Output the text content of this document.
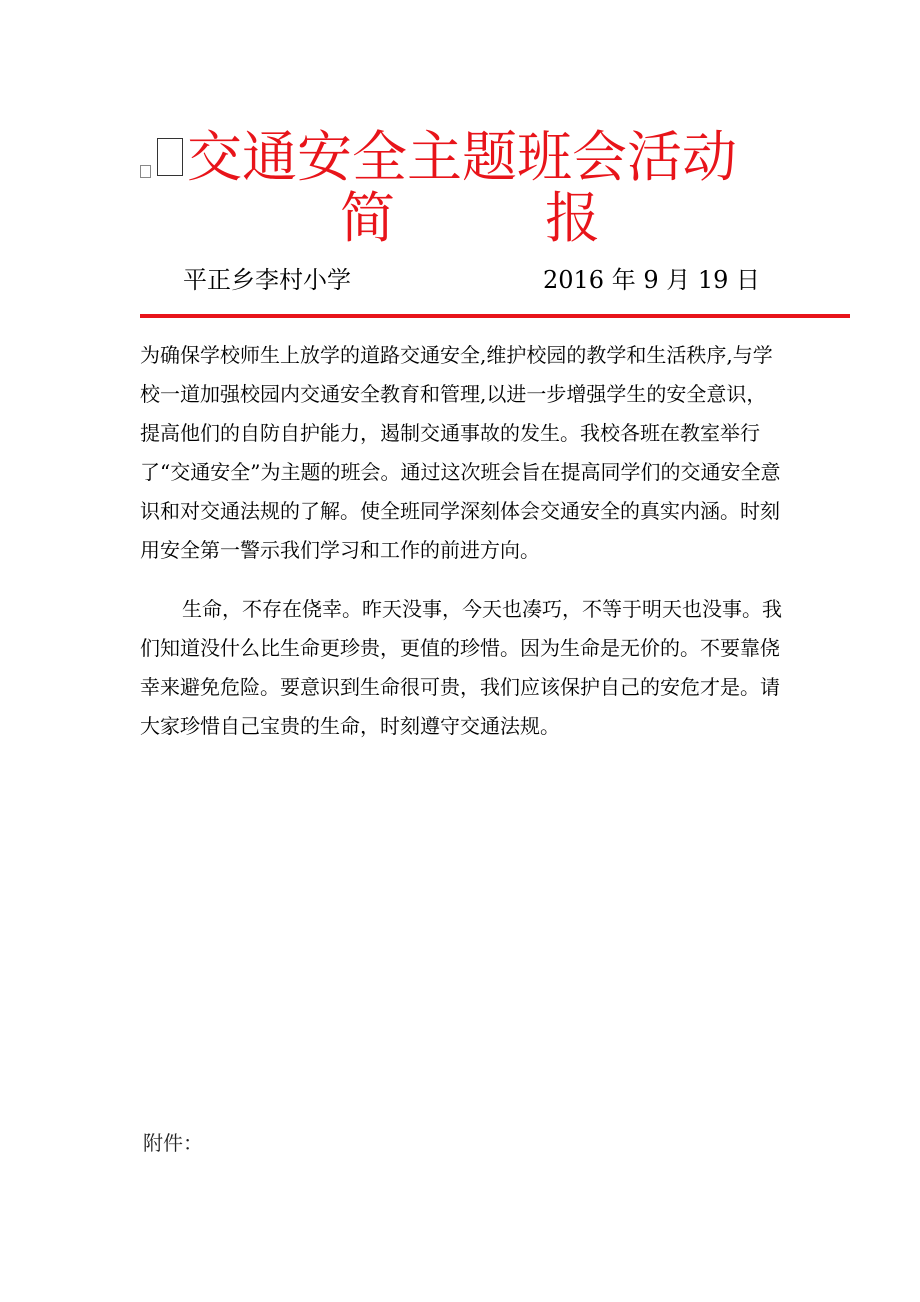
交通安全主题班会活动
简	报
平正乡李村小学	2016 年 9 月 19 日

为确保学校师生上放学的道路交通安全,维护校园的教学和生活秩序,与学校一道加强校园内交通安全教育和管理,以进一步增强学生的安全意识，提高他们的自防自护能力，遏制交通事故的发生。我校各班在教室举行了“交通安全”为主题的班会。通过这次班会旨在提高同学们的交通安全意识和对交通法规的了解。使全班同学深刻体会交通安全的真实内涵。时刻用安全第一警示我们学习和工作的前进方向。

生命，不存在侥幸。昨天没事，今天也凑巧，不等于明天也没事。我们知道没什么比生命更珍贵，更值的珍惜。因为生命是无价的。不要靠侥幸来避免危险。要意识到生命很可贵，我们应该保护自己的安危才是。请大家珍惜自己宝贵的生命，时刻遵守交通法规。

附件：
